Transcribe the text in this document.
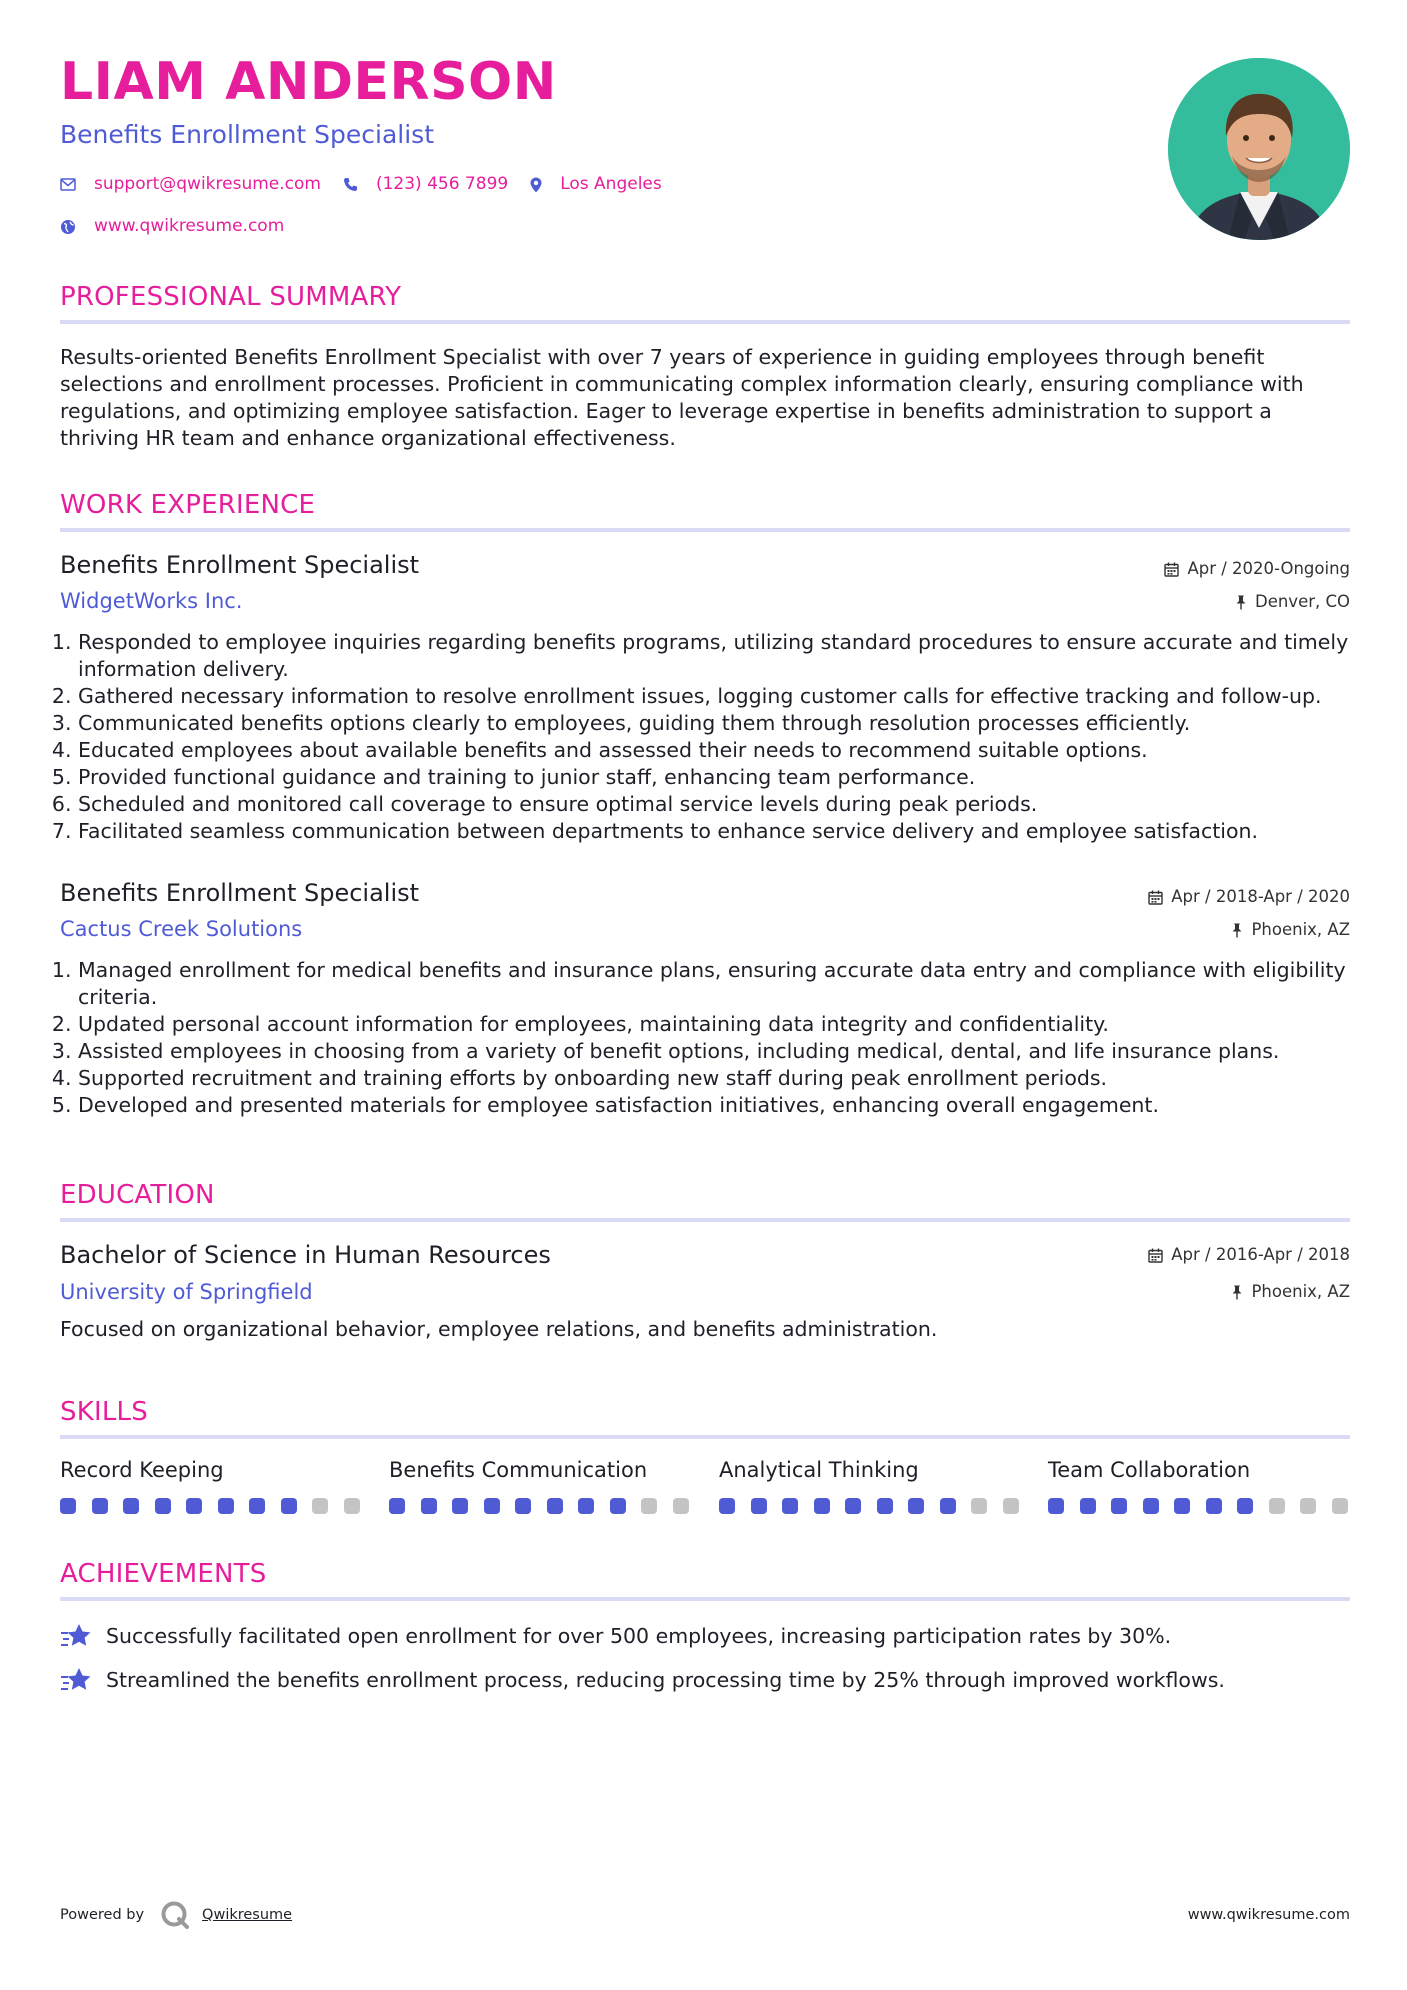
LIAM ANDERSON
Benefits Enrollment Specialist
support@qwikresume.com	(123) 456 7899	Los Angeles
www.qwikresume.com
PROFESSIONAL SUMMARY
Results-oriented Benefits Enrollment Specialist with over 7 years of experience in guiding employees through benefit selections and enrollment processes. Proficient in communicating complex information clearly, ensuring compliance with regulations, and optimizing employee satisfaction. Eager to leverage expertise in benefits administration to support a thriving HR team and enhance organizational effectiveness.
WORK EXPERIENCE
Benefits Enrollment Specialist	Apr / 2020-Ongoing
WidgetWorks Inc.	Denver, CO
1. Responded to employee inquiries regarding benefits programs, utilizing standard procedures to ensure accurate and timely information delivery.
2. Gathered necessary information to resolve enrollment issues, logging customer calls for effective tracking and follow-up.
3. Communicated benefits options clearly to employees, guiding them through resolution processes efficiently.
4. Educated employees about available benefits and assessed their needs to recommend suitable options.
5. Provided functional guidance and training to junior staff, enhancing team performance.
6. Scheduled and monitored call coverage to ensure optimal service levels during peak periods.
7. Facilitated seamless communication between departments to enhance service delivery and employee satisfaction.
Benefits Enrollment Specialist	Apr / 2018-Apr / 2020
Cactus Creek Solutions	Phoenix, AZ
1. Managed enrollment for medical benefits and insurance plans, ensuring accurate data entry and compliance with eligibility criteria.
2. Updated personal account information for employees, maintaining data integrity and confidentiality.
3. Assisted employees in choosing from a variety of benefit options, including medical, dental, and life insurance plans.
4. Supported recruitment and training efforts by onboarding new staff during peak enrollment periods.
5. Developed and presented materials for employee satisfaction initiatives, enhancing overall engagement.
EDUCATION
Bachelor of Science in Human Resources	Apr / 2016-Apr / 2018
University of Springfield	Phoenix, AZ
Focused on organizational behavior, employee relations, and benefits administration.
SKILLS
Record Keeping	Benefits Communication	Analytical Thinking	Team Collaboration
ACHIEVEMENTS
Successfully facilitated open enrollment for over 500 employees, increasing participation rates by 30%.
Streamlined the benefits enrollment process, reducing processing time by 25% through improved workflows.
Powered by	Qwikresume	www.qwikresume.com
